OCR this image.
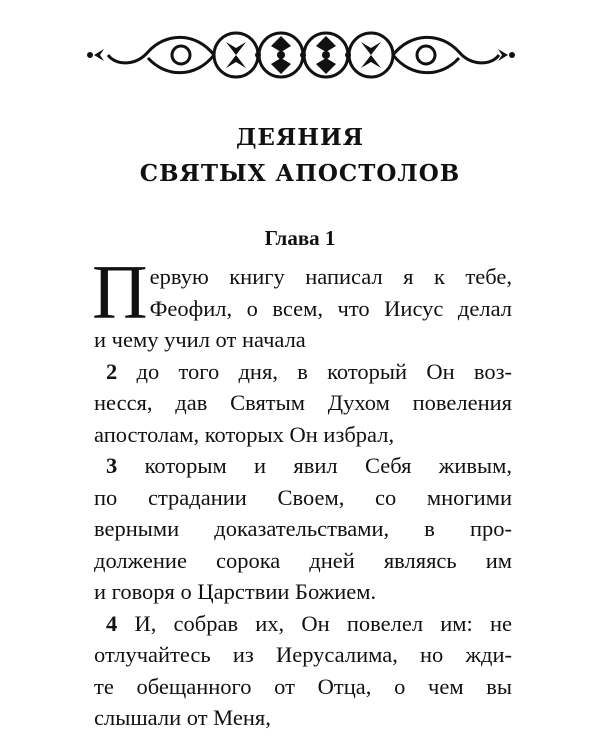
ДЕЯНИЯ
СВЯТЫХ АПОСТОЛОВ
Глава 1

П ервую книгу написал я к тебе,
Феофил, о всем, что Иисус делал
и чему учил от начала

2 до того дня, в который Он воз-
несся, дав Святым Духом повеления
апостолам, которых Он избрал,

3 которым и явил Себя живым,
по страдании Своем, со многими
верными доказательствами, в про-
должение сорока дней являясь им
и говоря о Царствии Божием.

4 И, собрав их, Он повелел им: не
отлучайтесь из Иерусалима, но жди-
те обещанного от Отца, о чем вы
слышали от Меня,
